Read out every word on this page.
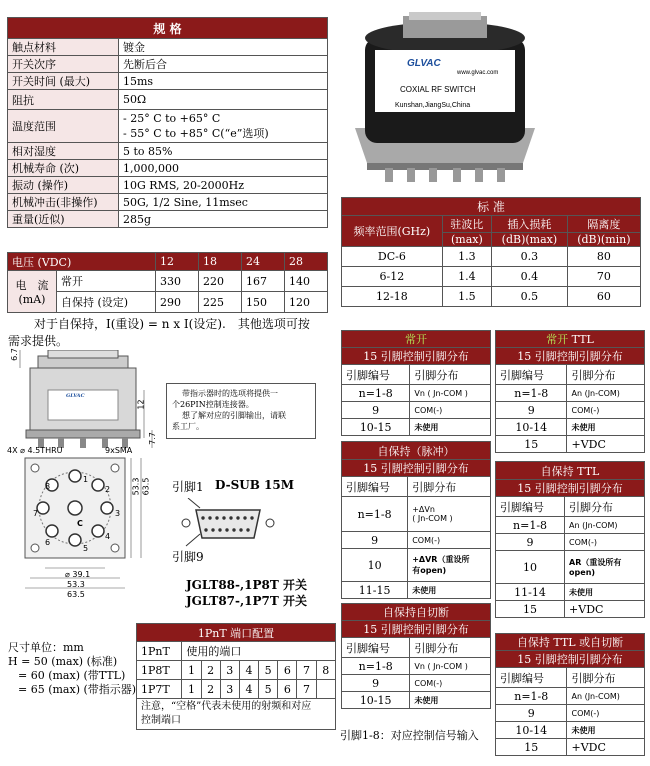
规 格	
触点材料	镀金
开关次序	先断后合
开关时间 (最大)	15ms
阻抗	50Ω
温度范围	- 25° C to +65° C
- 55° C to +85° C(“e”选项)

相对湿度	5 to 85%
机械寿命 (次)	1,000,000
振动 (操作)	10G RMS, 20-2000Hz
机械冲击(非操作)	50G, 1/2 Sine, 11msec
重量(近似)	285g
GLVAC
www.glvac.com
COXIAL RF SWITCH
Kunshan,JiangSu,China
标 准			
频率范围(GHz)	驻波比	插入损耗	隔离度
	(max)	(dB)(max)	(dB)(min)
DC-6	1.3	0.3	80
6-12	1.4	0.4	70
12-18	1.5	0.5	60
电压 (VDC)		12	18	24	28

电　流
(mA)	常开	330	220	167	140
	自保持 (设定)	290	225	150	120
对于自保持，I(重设) = n x I(设定).　其他选项可按
需求提供。
6.7
12
7.7
GLVAC	带指示器时的选项将提供一
个26PIN控制连接器。
想了解对应的引脚输出，请联
系工厂。
4X ⌀ 4.5THRU	9xSMA
C
1
2
3
4
5
6
7
8	53.3 63.5
⌀ 39.1
53.3
63.5
引脚1 D-SUB 15M
引脚9
JGLT88-,1P8T 开关
JGLT87-,1P7T 开关
尺寸单位：mm
H = 50 (max) (标准)
= 60 (max) (带TTL)
= 65 (max) (带指示器)
1PnT 端口配置								
1PnT	使用的端口							
1P8T	1	2	3	4	5	6	7	8
1P7T	1	2	3	4	5	6	7	

注意，“空格”代表未使用的射频和对应
控制端口								
常开	
15 引脚控制引脚分布	
引脚编号	引脚分布
n=1-8	Vn ( Jn-COM )
9	COM(-)
10-15	未使用
自保持（脉冲）	
15 引脚控制引脚分布	
引脚编号	引脚分布
n=1-8	+ΔVn
( Jn-COM )

9	COM(-)
10	+ΔVR（重设所
有open)

11-15	未使用
自保持自切断	
15 引脚控制引脚分布	
引脚编号	引脚分布
n=1-8	Vn ( Jn-COM )
9	COM(-)
10-15	未使用
常开 TTL	
15 引脚控制引脚分布	
引脚编号	引脚分布
n=1-8	An (Jn-COM)
9	COM(-)
10-14	未使用
15	+VDC
自保持 TTL	
15 引脚控制引脚分布	
引脚编号	引脚分布
n=1-8	An (Jn-COM)
9	COM(-)
10	AR（重设所有
open)

11-14	未使用
15	+VDC
自保持 TTL 或自切断	
15 引脚控制引脚分布	
引脚编号	引脚分布
n=1-8	An (Jn-COM)
9	COM(-)
10-14	未使用
15	+VDC
引脚1-8：对应控制信号输入
